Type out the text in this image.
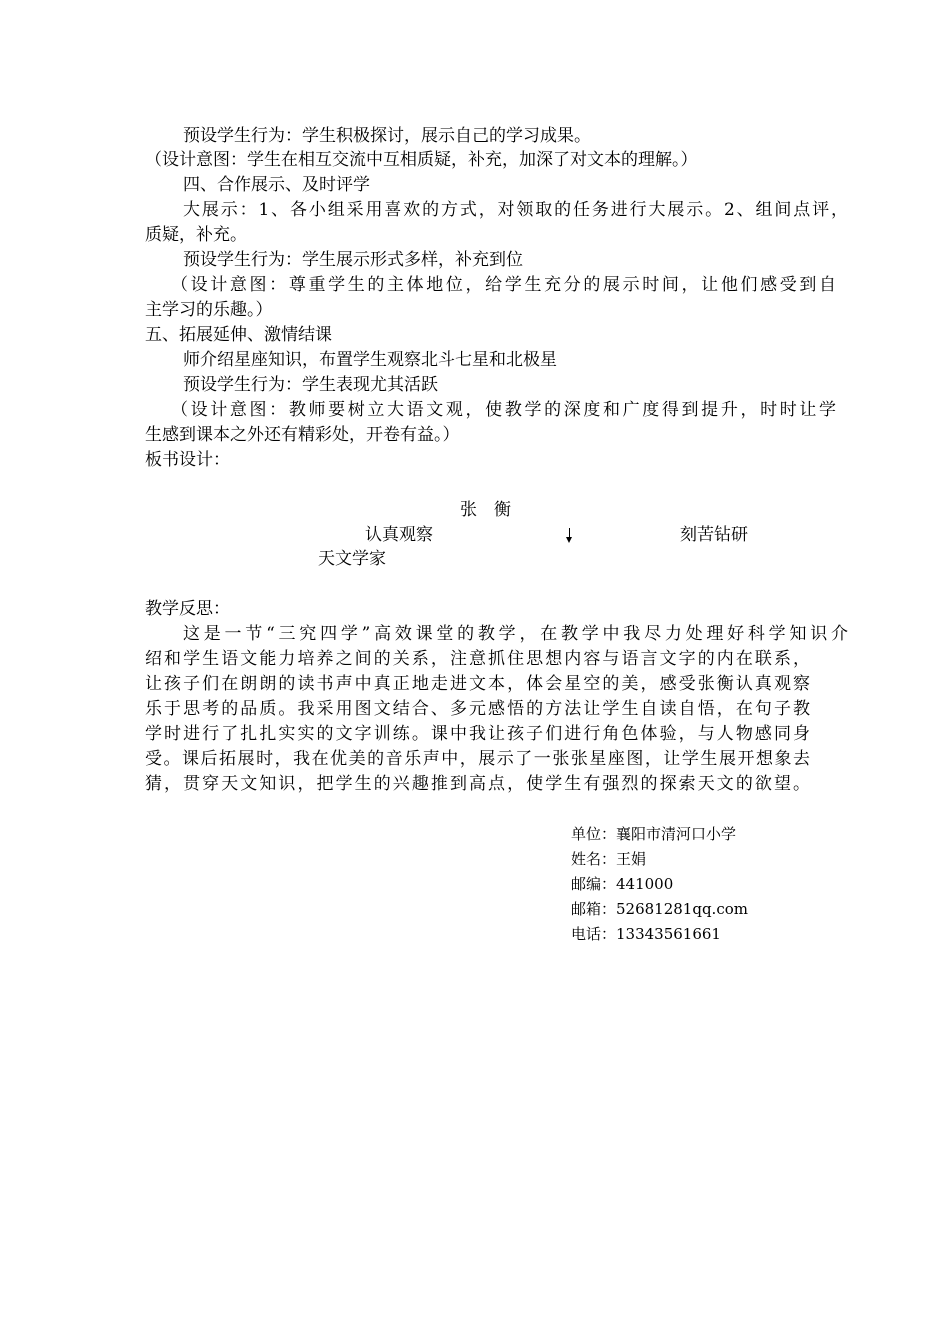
预设学生行为：学生积极探讨，展示自己的学习成果。
（设计意图：学生在相互交流中互相质疑，补充，加深了对文本的理解。）
四、合作展示、及时评学
大展示：1、各小组采用喜欢的方式，对领取的任务进行大展示。2、组间点评，
质疑，补充。
预设学生行为：学生展示形式多样，补充到位
（设计意图：尊重学生的主体地位，给学生充分的展示时间，让他们感受到自
主学习的乐趣。）
五、拓展延伸、激情结课
师介绍星座知识，布置学生观察北斗七星和北极星
预设学生行为：学生表现尤其活跃
（设计意图：教师要树立大语文观，使教学的深度和广度得到提升，时时让学
生感到课本之外还有精彩处，开卷有益。）
板书设计：
张　衡
认真观察	刻苦钻研
天文学家
教学反思：
这是一节“三究四学”高效课堂的教学，在教学中我尽力处理好科学知识介
绍和学生语文能力培养之间的关系，注意抓住思想内容与语言文字的内在联系，
让孩子们在朗朗的读书声中真正地走进文本，体会星空的美，感受张衡认真观察
乐于思考的品质。我采用图文结合、多元感悟的方法让学生自读自悟，在句子教
学时进行了扎扎实实的文字训练。课中我让孩子们进行角色体验，与人物感同身
受。课后拓展时，我在优美的音乐声中，展示了一张张星座图，让学生展开想象去
猜，贯穿天文知识，把学生的兴趣推到高点，使学生有强烈的探索天文的欲望。
单位：襄阳市清河口小学
姓名：王娟
邮编：441000
邮箱：52681281qq.com
电话：13343561661
